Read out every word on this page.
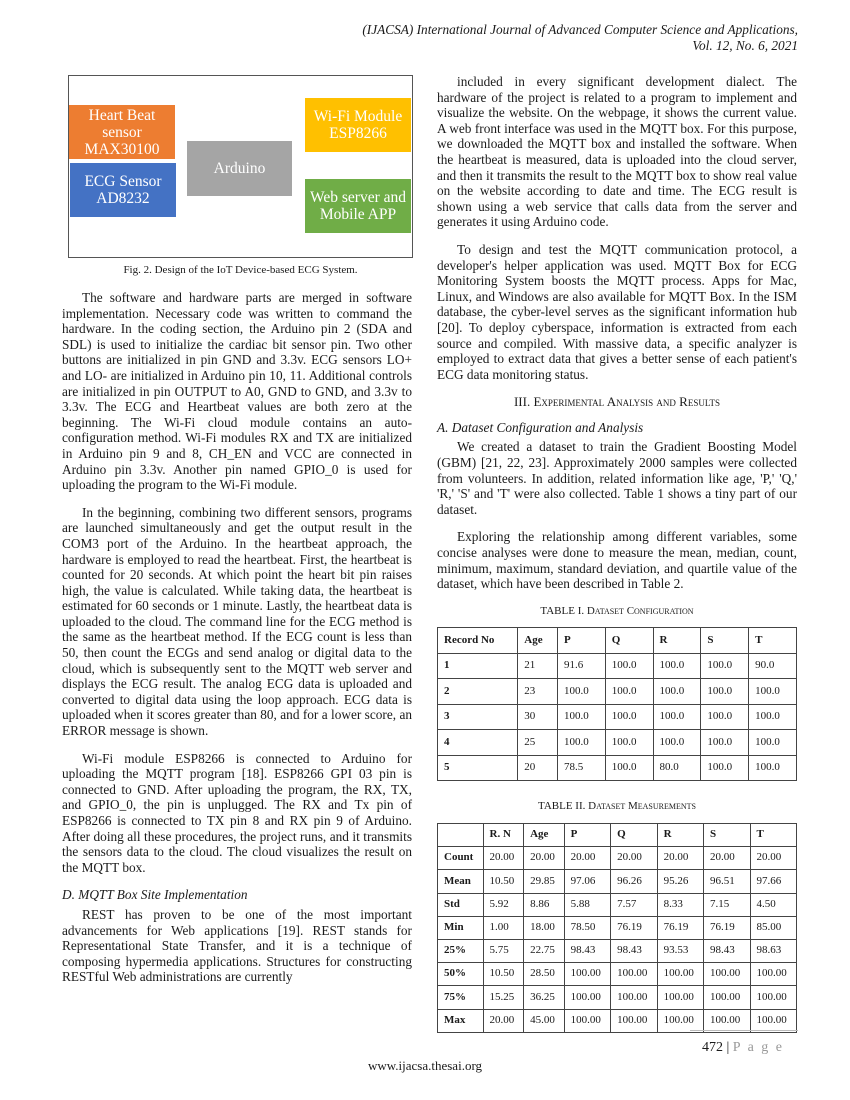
(IJACSA) International Journal of Advanced Computer Science and Applications,
Vol. 12, No. 6, 2021
Heart Beat sensor MAX30100
ECG Sensor AD8232
Arduino
Wi-Fi Module ESP8266
Web server and Mobile APP
Fig. 2. Design of the IoT Device-based ECG System.

The software and hardware parts are merged in software implementation. Necessary code was written to command the hardware. In the coding section, the Arduino pin 2 (SDA and SDL) is used to initialize the cardiac bit sensor pin. Two other buttons are initialized in pin GND and 3.3v. ECG sensors LO+ and LO- are initialized in Arduino pin 10, 11. Additional controls are initialized in pin OUTPUT to A0, GND to GND, and 3.3v to 3.3v. The ECG and Heartbeat values are both zero at the beginning. The Wi-Fi cloud module contains an auto-configuration method. Wi-Fi modules RX and TX are initialized in Arduino pin 9 and 8, CH_EN and VCC are connected in Arduino pin 3.3v. Another pin named GPIO_0 is used for uploading the program to the Wi-Fi module.

In the beginning, combining two different sensors, programs are launched simultaneously and get the output result in the COM3 port of the Arduino. In the heartbeat approach, the hardware is employed to read the heartbeat. First, the heartbeat is counted for 20 seconds. At which point the heart bit pin raises high, the value is calculated. While taking data, the heartbeat is estimated for 60 seconds or 1 minute. Lastly, the heartbeat data is uploaded to the cloud. The command line for the ECG method is the same as the heartbeat method. If the ECG count is less than 50, then count the ECGs and send analog or digital data to the cloud, which is subsequently sent to the MQTT web server and displays the ECG result. The analog ECG data is uploaded and converted to digital data using the loop approach. ECG data is uploaded when it scores greater than 80, and for a lower score, an ERROR message is shown.

Wi-Fi module ESP8266 is connected to Arduino for uploading the MQTT program [18]. ESP8266 GPI 03 pin is connected to GND. After uploading the program, the RX, TX, and GPIO_0, the pin is unplugged. The RX and Tx pin of ESP8266 is connected to TX pin 8 and RX pin 9 of Arduino. After doing all these procedures, the project runs, and it transmits the sensors data to the cloud. The cloud visualizes the result on the MQTT box.

D. MQTT Box Site Implementation

REST has proven to be one of the most important advancements for Web applications [19]. REST stands for Representational State Transfer, and it is a technique of composing hypermedia applications. Structures for constructing RESTful Web administrations are currently

included in every significant development dialect. The hardware of the project is related to a program to implement and visualize the website. On the webpage, it shows the current value. A web front interface was used in the MQTT box. For this purpose, we downloaded the MQTT box and installed the software. When the heartbeat is measured, data is uploaded into the cloud server, and then it transmits the result to the MQTT box to show real value on the website according to date and time. The ECG result is shown using a web service that calls data from the server and generates it using Arduino code.

To design and test the MQTT communication protocol, a developer's helper application was used. MQTT Box for ECG Monitoring System boosts the MQTT process. Apps for Mac, Linux, and Windows are also available for MQTT Box. In the ISM database, the cyber-level serves as the significant information hub [20]. To deploy cyberspace, information is extracted from each source and compiled. With massive data, a specific analyzer is employed to extract data that gives a better sense of each patient's ECG data monitoring status.

III. Experimental Analysis and Results
A. Dataset Configuration and Analysis

We created a dataset to train the Gradient Boosting Model (GBM) [21, 22, 23]. Approximately 2000 samples were collected from volunteers. In addition, related information like age, 'P,' 'Q,' 'R,' 'S' and 'T' were also collected. Table 1 shows a tiny part of our dataset.

Exploring the relationship among different variables, some concise analyses were done to measure the mean, median, count, minimum, maximum, standard deviation, and quartile value of the dataset, which have been described in Table 2.

TABLE I. Dataset Configuration
Record No	Age	P	Q	R	S	T
1	21	91.6	100.0	100.0	100.0	90.0
2	23	100.0	100.0	100.0	100.0	100.0
3	30	100.0	100.0	100.0	100.0	100.0
4	25	100.0	100.0	100.0	100.0	100.0
5	20	78.5	100.0	80.0	100.0	100.0
TABLE II. Dataset Measurements
	R. N	Age	P	Q	R	S	T
Count	20.00	20.00	20.00	20.00	20.00	20.00	20.00
Mean	10.50	29.85	97.06	96.26	95.26	96.51	97.66
Std	5.92	8.86	5.88	7.57	8.33	7.15	4.50
Min	1.00	18.00	78.50	76.19	76.19	76.19	85.00
25%	5.75	22.75	98.43	98.43	93.53	98.43	98.63
50%	10.50	28.50	100.00	100.00	100.00	100.00	100.00
75%	15.25	36.25	100.00	100.00	100.00	100.00	100.00
Max	20.00	45.00	100.00	100.00	100.00	100.00	100.00
472 | P a g e
www.ijacsa.thesai.org
